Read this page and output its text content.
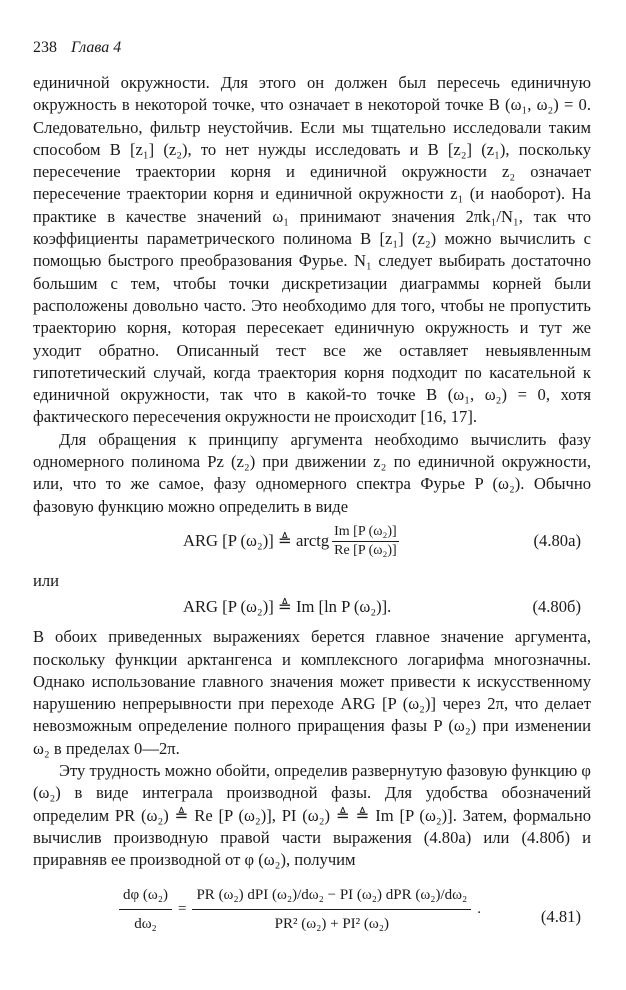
238 Глава 4

единичной окружности. Для этого он должен был пересечь единичную окружность в некоторой точке, что означает в некоторой точке B (ω₁, ω₂) = 0. Следовательно, фильтр неустойчив. Если мы тщательно исследовали таким способом B [z₁] (z₂), то нет нужды исследовать и B [z₂] (z₁), поскольку пересечение траектории корня и единичной окружности z₂ означает пересечение траектории корня и единичной окружности z₁ (и наоборот). На практике в качестве значений ω₁ принимают значения 2πk₁/N₁, так что коэффициенты параметрического полинома B [z₁] (z₂) можно вычислить с помощью быстрого преобразования Фурье. N₁ следует выбирать достаточно большим с тем, чтобы точки дискретизации диаграммы корней были расположены довольно часто. Это необходимо для того, чтобы не пропустить траекторию корня, которая пересекает единичную окружность и тут же уходит обратно. Описанный тест все же оставляет невыявленным гипотетический случай, когда траектория корня подходит по касательной к единичной окружности, так что в какой-то точке B (ω₁, ω₂) = 0, хотя фактического пересечения окружности не происходит [16, 17].

Для обращения к принципу аргумента необходимо вычислить фазу одномерного полинома Pz (z₂) при движении z₂ по единичной окружности, или, что то же самое, фазу одномерного спектра Фурье P (ω₂). Обычно фазовую функцию можно определить в виде

ARG [P (ω₂)] ≜ arctg $\frac{\text{Im [P (ω₂)]}}{\text{Re [P (ω₂)]}}$	(4.80a)

или

ARG [P (ω₂)] ≜ Im [ln P (ω₂)].	(4.80б)

В обоих приведенных выражениях берется главное значение аргумента, поскольку функции арктангенса и комплексного логарифма многозначны. Однако использование главного значения может привести к искусственному нарушению непрерывности при переходе ARG [P (ω₂)] через 2π, что делает невозможным определение полного приращения фазы P (ω₂) при изменении ω₂ в пределах 0—2π.

Эту трудность можно обойти, определив развернутую фазовую функцию φ (ω₂) в виде интеграла производной фазы. Для удобства обозначений определим PR (ω₂) ≜ Re [P (ω₂)], PI (ω₂) ≜ ≜ Im [P (ω₂)]. Затем, формально вычислив производную правой части выражения (4.80а) или (4.80б) и приравняв ее производной от φ (ω₂), получим

$\frac{\text{dφ (ω₂)}}{\text{dω₂}}$ =
PR (ω₂) dPI (ω₂)/dω₂ − PI (ω₂) dPR (ω₂)/dω₂
PR² (ω₂) + PI² (ω₂)
.	(4.81)
